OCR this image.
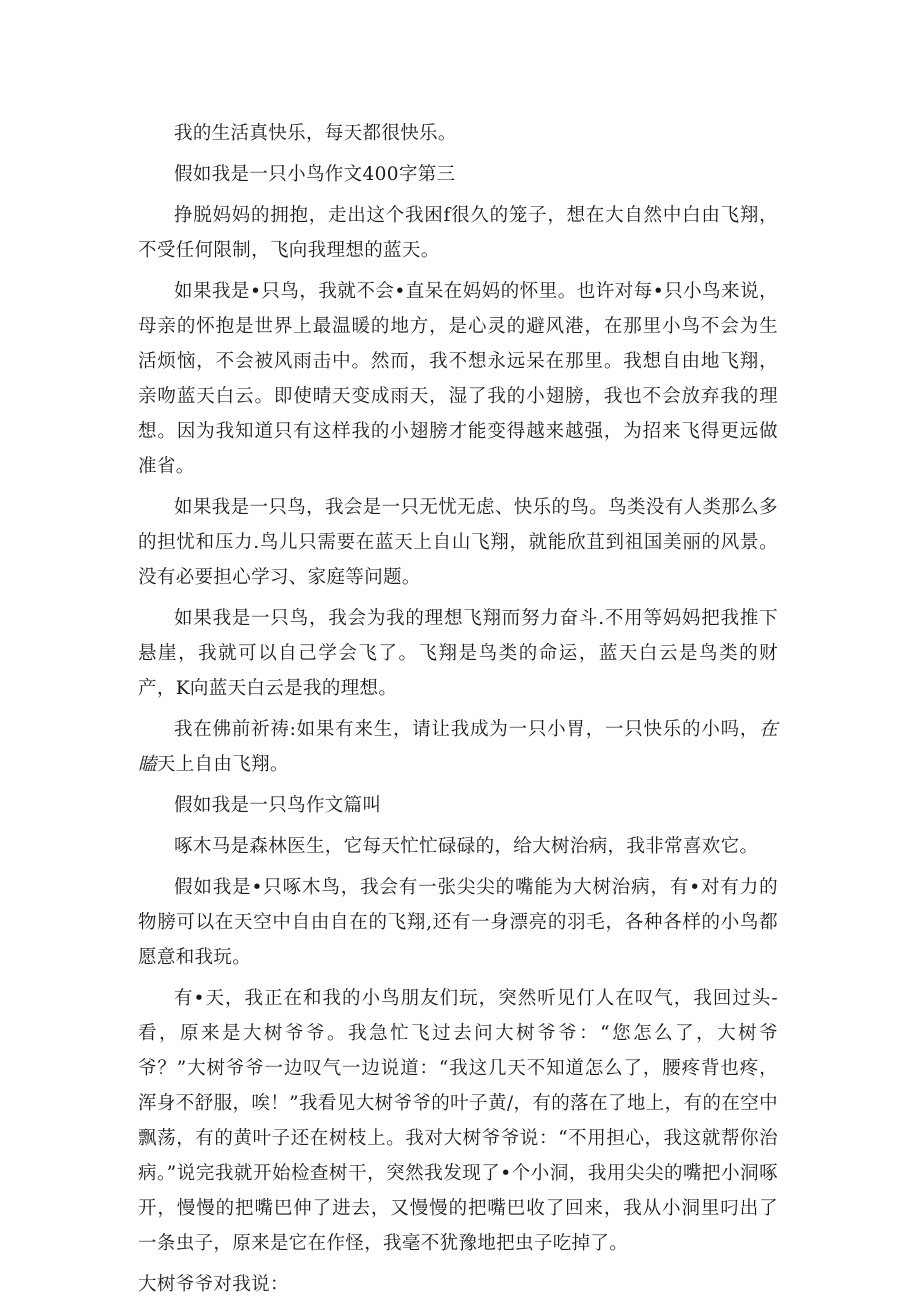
我的生活真快乐，每天都很快乐。

假如我是一只小鸟作文400字第三

挣脱妈妈的拥抱，走出这个我困f很久的笼子，想在大自然中白由飞翔，不受任何限制，飞向我理想的蓝天。

如果我是•只鸟，我就不会•直呆在妈妈的怀里。也许对每•只小鸟来说，母亲的怀抱是世界上最温暖的地方，是心灵的避风港，在那里小鸟不会为生活烦恼，不会被风雨击中。然而，我不想永远呆在那里。我想自由地飞翔，亲吻蓝天白云。即使晴天变成雨天，湿了我的小翅膀，我也不会放弃我的理想。因为我知道只有这样我的小翅膀才能变得越来越强，为招来飞得更远做准省。

如果我是一只鸟，我会是一只无忧无虑、快乐的鸟。鸟类没有人类那么多的担忧和压力.鸟儿只需要在蓝天上自山飞翔，就能欣苴到祖国美丽的风景。没有必要担心学习、家庭等问题。

如果我是一只鸟，我会为我的理想飞翔而努力奋斗.不用等妈妈把我推下悬崖，我就可以自己学会飞了。飞翔是鸟类的命运，蓝天白云是鸟类的财产，K向蓝天白云是我的理想。

我在佛前祈祷:如果有来生，请让我成为一只小胃，一只快乐的小吗，在瞌天上自由飞翔。

假如我是一只鸟作文篇叫

啄木马是森林医生，它每天忙忙碌碌的，给大树治病，我非常喜欢它。

假如我是•只啄木鸟，我会有一张尖尖的嘴能为大树治病，有•对有力的物膀可以在天空中自由自在的飞翔,还有一身漂亮的羽毛，各种各样的小鸟都愿意和我玩。

有•天，我正在和我的小鸟朋友们玩，突然听见仃人在叹气，我回过头-看，原来是大树爷爷。我急忙飞过去问大树爷爷：“您怎么了，大树爷爷？”大树爷爷一边叹气一边说道：“我这几天不知道怎么了，腰疼背也疼，浑身不舒服，唉！”我看见大树爷爷的叶子黄/，有的落在了地上，有的在空中飘荡，有的黄叶子还在树枝上。我对大树爷爷说：“不用担心，我这就帮你治病。”说完我就开始检查树干，突然我发现了•个小洞，我用尖尖的嘴把小洞啄开，慢慢的把嘴巴伸了进去，又慢慢的把嘴巴收了回来，我从小洞里叼出了一条虫子，原来是它在作怪，我毫不犹豫地把虫子吃掉了。

大树爷爷对我说：
